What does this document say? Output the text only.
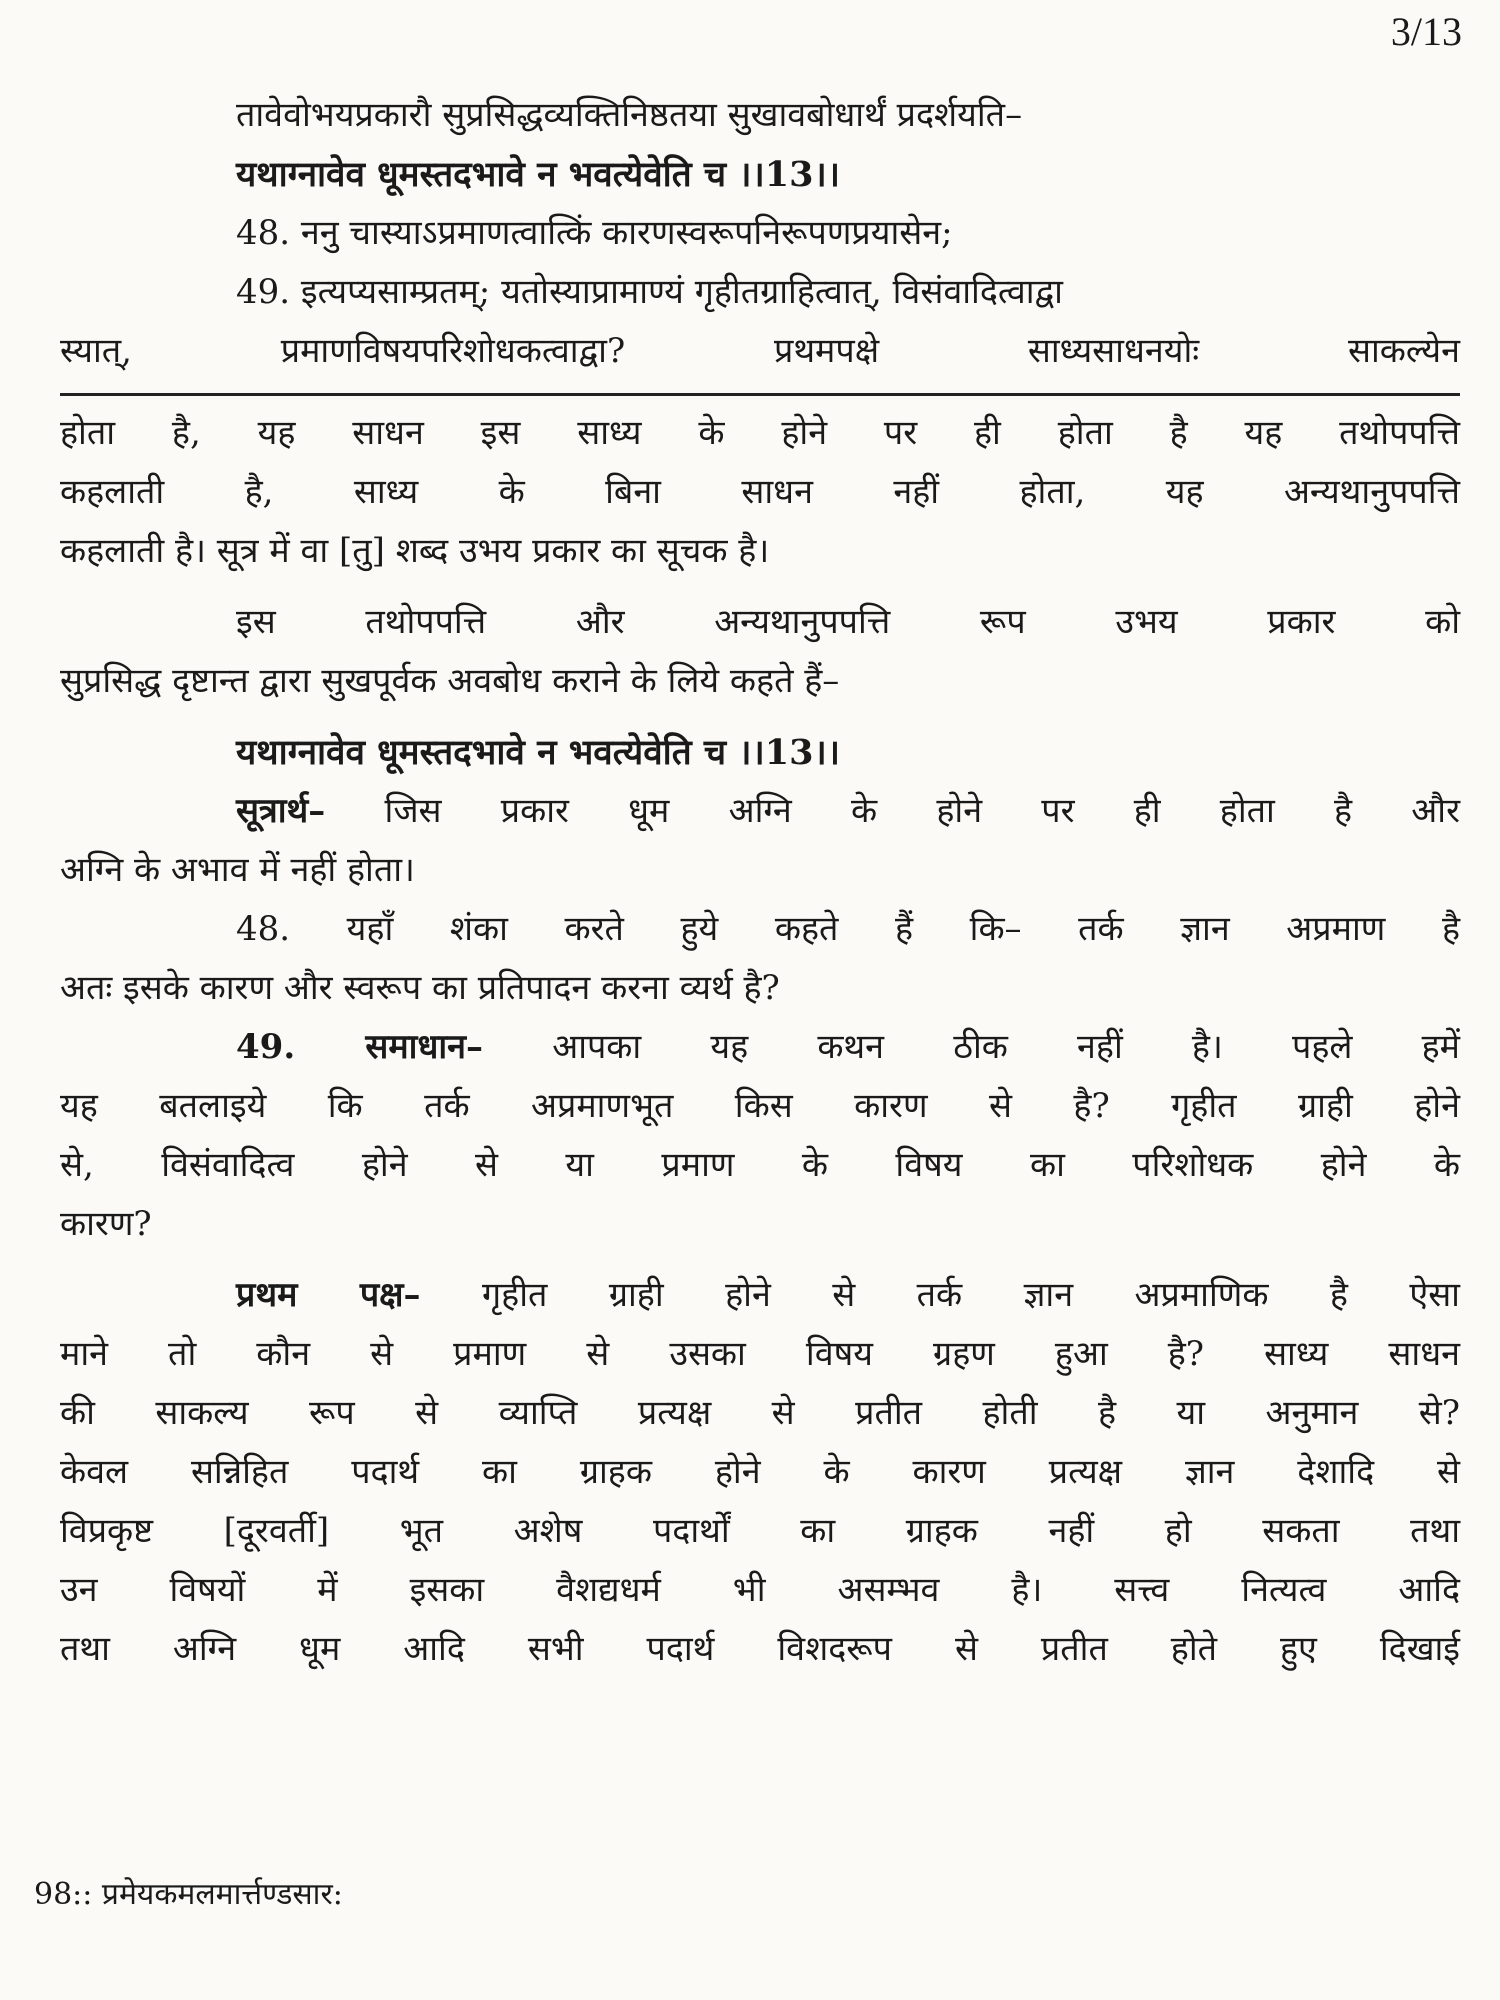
3/13
तावेवोभयप्रकारौ सुप्रसिद्धव्यक्तिनिष्ठतया सुखावबोधार्थं प्रदर्शयति–
यथाग्नावेव धूमस्तदभावे न भवत्येवेति च ।।13।।
48. ननु चास्याऽप्रमाणत्वात्किं कारणस्वरूपनिरूपणप्रयासेन;
49. इत्यप्यसाम्प्रतम्; यतोस्याप्रामाण्यं गृहीतग्राहित्वात्, विसंवादित्वाद्वा
स्यात्, प्रमाणविषयपरिशोधकत्वाद्वा? प्रथमपक्षे साध्यसाधनयोः साकल्येन
होता है, यह साधन इस साध्य के होने पर ही होता है यह तथोपपत्ति
कहलाती है, साध्य के बिना साधन नहीं होता, यह अन्यथानुपपत्ति
कहलाती है। सूत्र में वा [तु] शब्द उभय प्रकार का सूचक है।
इस तथोपपत्ति और अन्यथानुपपत्ति रूप उभय प्रकार को
सुप्रसिद्ध दृष्टान्त द्वारा सुखपूर्वक अवबोध कराने के लिये कहते हैं–
यथाग्नावेव धूमस्तदभावे न भवत्येवेति च ।।13।।
सूत्रार्थ– जिस प्रकार धूम अग्नि के होने पर ही होता है और
अग्नि के अभाव में नहीं होता।
48. यहाँ शंका करते हुये कहते हैं कि– तर्क ज्ञान अप्रमाण है
अतः इसके कारण और स्वरूप का प्रतिपादन करना व्यर्थ है?
49. समाधान– आपका यह कथन ठीक नहीं है। पहले हमें
यह बतलाइये कि तर्क अप्रमाणभूत किस कारण से है? गृहीत ग्राही होने
से, विसंवादित्व होने से या प्रमाण के विषय का परिशोधक होने के
कारण?
प्रथम पक्ष– गृहीत ग्राही होने से तर्क ज्ञान अप्रमाणिक है ऐसा
माने तो कौन से प्रमाण से उसका विषय ग्रहण हुआ है? साध्य साधन
की साकल्य रूप से व्याप्ति प्रत्यक्ष से प्रतीत होती है या अनुमान से?
केवल सन्निहित पदार्थ का ग्राहक होने के कारण प्रत्यक्ष ज्ञान देशादि से
विप्रकृष्ट [दूरवर्ती] भूत अशेष पदार्थों का ग्राहक नहीं हो सकता तथा
उन विषयों में इसका वैशद्यधर्म भी असम्भव है। सत्त्व नित्यत्व आदि
तथा अग्नि धूम आदि सभी पदार्थ विशदरूप से प्रतीत होते हुए दिखाई
98:: प्रमेयकमलमार्त्तण्डसार:
